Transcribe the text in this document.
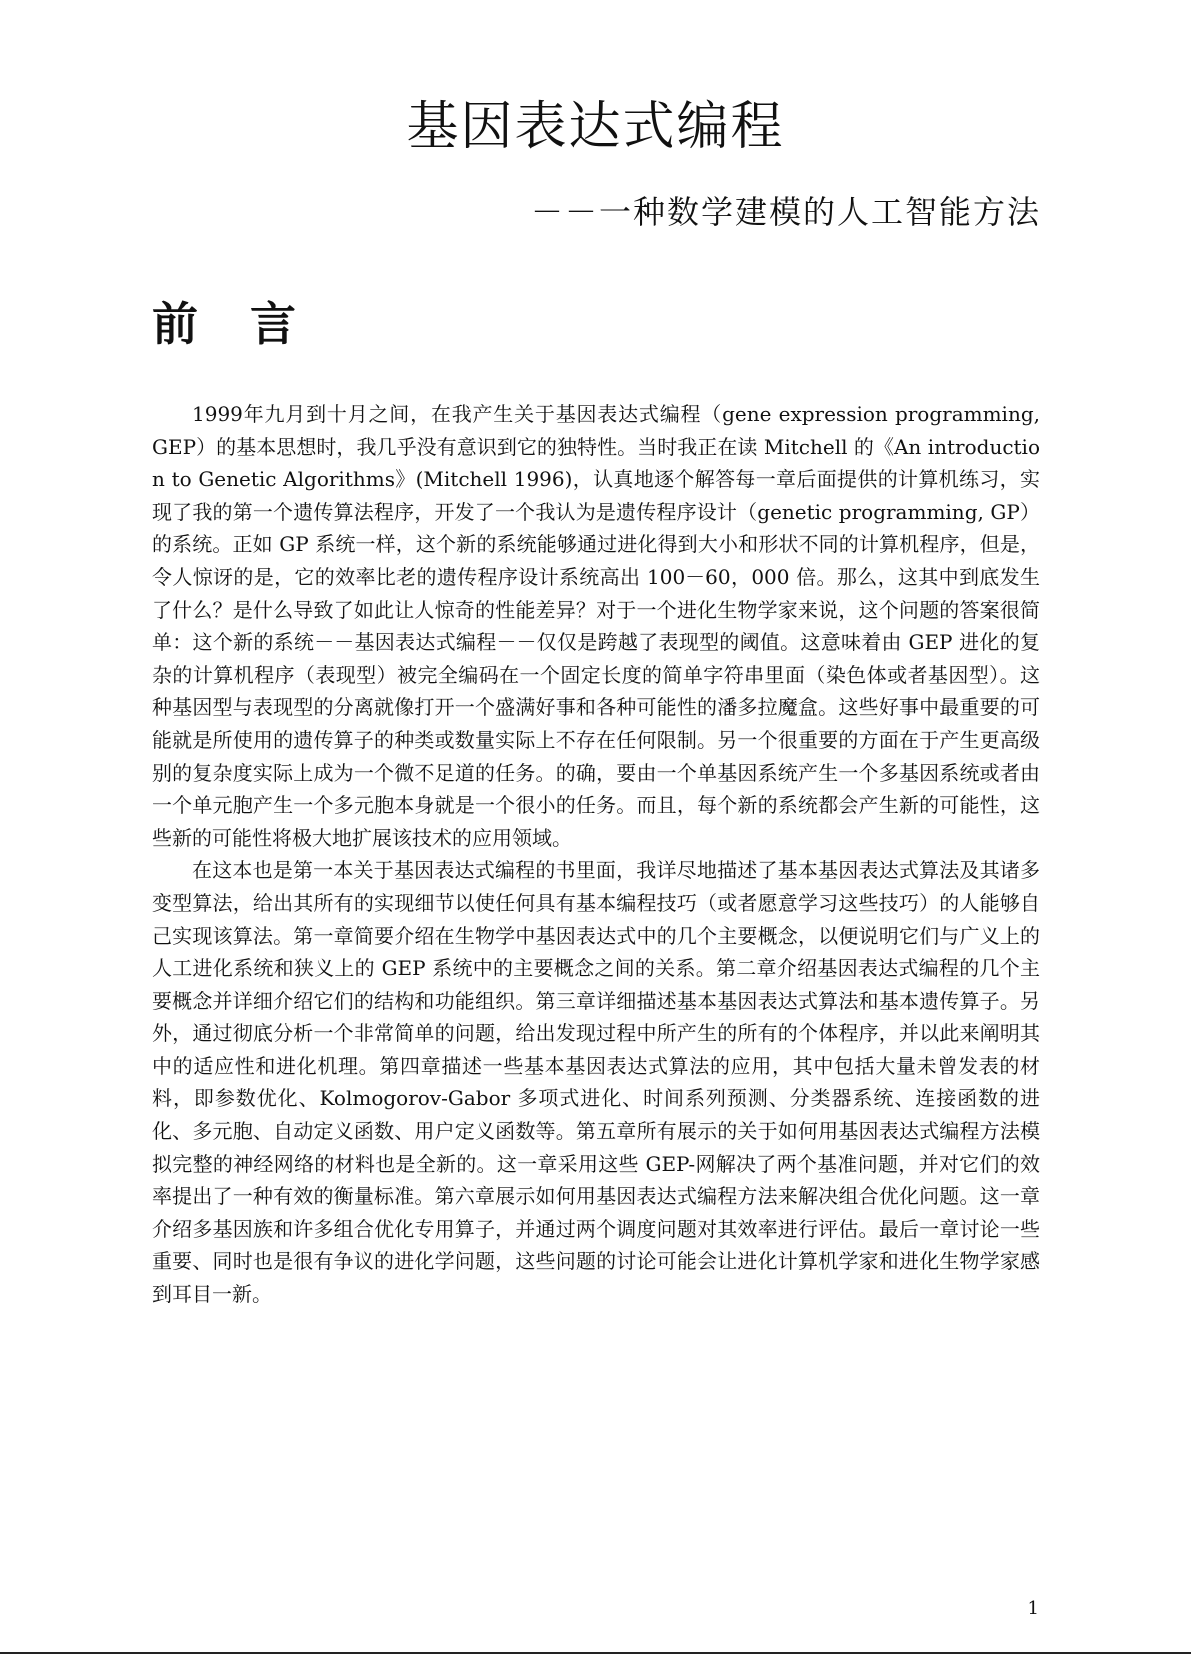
基因表达式编程
－－一种数学建模的人工智能方法
前 言

1999年九月到十月之间，在我产生关于基因表达式编程（gene expression programming, GEP）的基本思想时，我几乎没有意识到它的独特性。当时我正在读 Mitchell 的《An introduction to Genetic Algorithms》(Mitchell 1996)，认真地逐个解答每一章后面提供的计算机练习，实现了我的第一个遗传算法程序，开发了一个我认为是遗传程序设计（genetic programming, GP）的系统。正如 GP 系统一样，这个新的系统能够通过进化得到大小和形状不同的计算机程序，但是，令人惊讶的是，它的效率比老的遗传程序设计系统高出 100－60，000 倍。那么，这其中到底发生了什么？是什么导致了如此让人惊奇的性能差异？对于一个进化生物学家来说，这个问题的答案很简单：这个新的系统－－基因表达式编程－－仅仅是跨越了表现型的阈值。这意味着由 GEP 进化的复杂的计算机程序（表现型）被完全编码在一个固定长度的简单字符串里面（染色体或者基因型）。这种基因型与表现型的分离就像打开一个盛满好事和各种可能性的潘多拉魔盒。这些好事中最重要的可能就是所使用的遗传算子的种类或数量实际上不存在任何限制。另一个很重要的方面在于产生更高级别的复杂度实际上成为一个微不足道的任务。的确，要由一个单基因系统产生一个多基因系统或者由一个单元胞产生一个多元胞本身就是一个很小的任务。而且，每个新的系统都会产生新的可能性，这些新的可能性将极大地扩展该技术的应用领域。

在这本也是第一本关于基因表达式编程的书里面，我详尽地描述了基本基因表达式算法及其诸多变型算法，给出其所有的实现细节以使任何具有基本编程技巧（或者愿意学习这些技巧）的人能够自己实现该算法。第一章简要介绍在生物学中基因表达式中的几个主要概念，以便说明它们与广义上的人工进化系统和狭义上的 GEP 系统中的主要概念之间的关系。第二章介绍基因表达式编程的几个主要概念并详细介绍它们的结构和功能组织。第三章详细描述基本基因表达式算法和基本遗传算子。另外，通过彻底分析一个非常简单的问题，给出发现过程中所产生的所有的个体程序，并以此来阐明其中的适应性和进化机理。第四章描述一些基本基因表达式算法的应用，其中包括大量未曾发表的材料，即参数优化、Kolmogorov-Gabor 多项式进化、时间系列预测、分类器系统、连接函数的进化、多元胞、自动定义函数、用户定义函数等。第五章所有展示的关于如何用基因表达式编程方法模拟完整的神经网络的材料也是全新的。这一章采用这些 GEP-网解决了两个基准问题，并对它们的效率提出了一种有效的衡量标准。第六章展示如何用基因表达式编程方法来解决组合优化问题。这一章介绍多基因族和许多组合优化专用算子，并通过两个调度问题对其效率进行评估。最后一章讨论一些重要、同时也是很有争议的进化学问题，这些问题的讨论可能会让进化计算机学家和进化生物学家感到耳目一新。

1
